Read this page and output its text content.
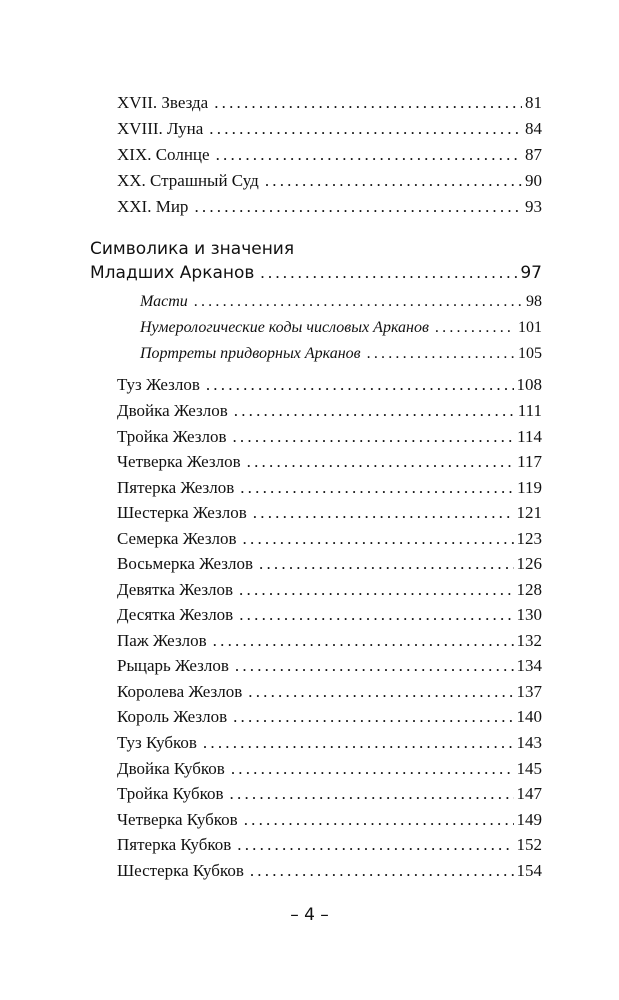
XVII. Звезда .....	81
XVIII. Луна .....	84
XIX. Солнце .....	87
XX. Страшный Суд .....	90
XXI. Мир .....	93
Символика и значения
Младших Арканов .....	97
Масти .....	98
Нумерологические коды числовых Арканов .....	101
Портреты придворных Арканов .....	105
Туз Жезлов .....	108
Двойка Жезлов .....	111
Тройка Жезлов .....	114
Четверка Жезлов .....	117
Пятерка Жезлов .....	119
Шестерка Жезлов .....	121
Семерка Жезлов .....	123
Восьмерка Жезлов .....	126
Девятка Жезлов .....	128
Десятка Жезлов .....	130
Паж Жезлов .....	132
Рыцарь Жезлов .....	134
Королева Жезлов .....	137
Король Жезлов .....	140
Туз Кубков .....	143
Двойка Кубков .....	145
Тройка Кубков .....	147
Четверка Кубков .....	149
Пятерка Кубков .....	152
Шестерка Кубков .....	154
– 4 –
